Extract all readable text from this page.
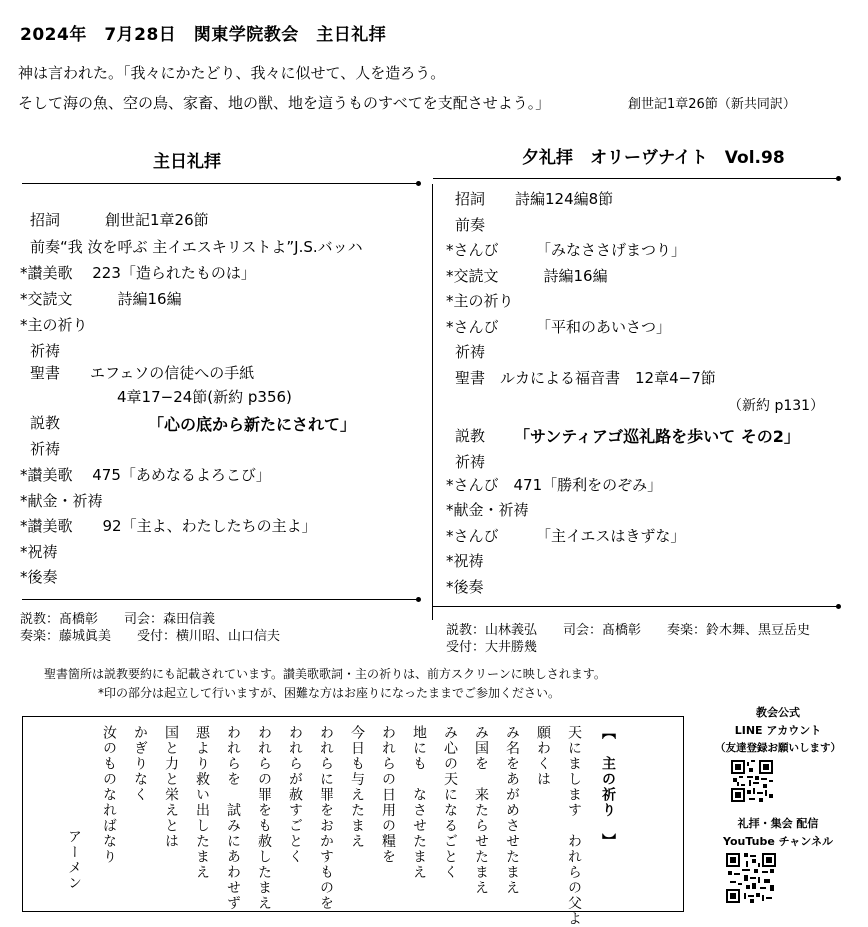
2024年　7月28日　関東学院教会　主日礼拝
神は言われた。「我々にかたどり、我々に似せて、人を造ろう。
そして海の魚、空の鳥、家畜、地の獣、地を這うものすべてを支配させよう。」	創世記1章26節（新共同訳）
主日礼拝
招詞　　　創世記1章26節
前奏“我 汝を呼ぶ 主イエスキリストよ”J.S.バッハ
*讃美歌　 223「造られたものは」
*交読文　　　詩編16編
*主の祈り
祈祷
聖書　　エフェソの信徒への手紙
4章17−24節(新約 p356)
説教	「心の底から新たにされて」
祈祷
*讃美歌　 475「あめなるよろこび」
*献金・祈祷
*讃美歌　　92「主よ、わたしたちの主よ」
*祝祷
*後奏
説教：髙橋彰　　司会：森田信義
奏楽：藤城眞美　　受付：横川昭、山口信夫
夕礼拝　オリーヴナイト　Vol.98
招詞　　詩編124編8節
前奏
*さんび　　　「みなささげまつり」
*交読文　　　詩編16編
*主の祈り
*さんび　　　「平和のあいさつ」
祈祷
聖書　ルカによる福音書　12章4−7節
（新約 p131）
説教 「サンティアゴ巡礼路を歩いて その2」
祈祷
*さんび　471「勝利をのぞみ」
*献金・祈祷
*さんび　　　「主イエスはきずな」
*祝祷
*後奏
説教：山林義弘　　司会：髙橋彰　　奏楽：鈴木舞、黒豆岳史
受付：大井勝幾
聖書箇所は説教要約にも記載されています。讃美歌歌詞・主の祈りは、前方スクリーンに映しされます。
*印の部分は起立して行いますが、困難な方はお座りになったままでご参加ください。
【　主の祈り　】
天にまします　われらの父よ
願わくは
み名をあがめさせたまえ
み国を　来たらせたまえ
み心の天になるごとく
地にも　なさせたまえ
われらの日用の糧を
今日も与えたまえ
われらに罪をおかすものを
われらが赦すごとく
われらの罪をも赦したまえ
われらを　試みにあわせず
悪より救い出したまえ
国と力と栄えとは
かぎりなく
汝のものなればなり
アーメン
教会公式
LINE アカウント
（友達登録お願いします）
礼拝・集会 配信
YouTube チャンネル
